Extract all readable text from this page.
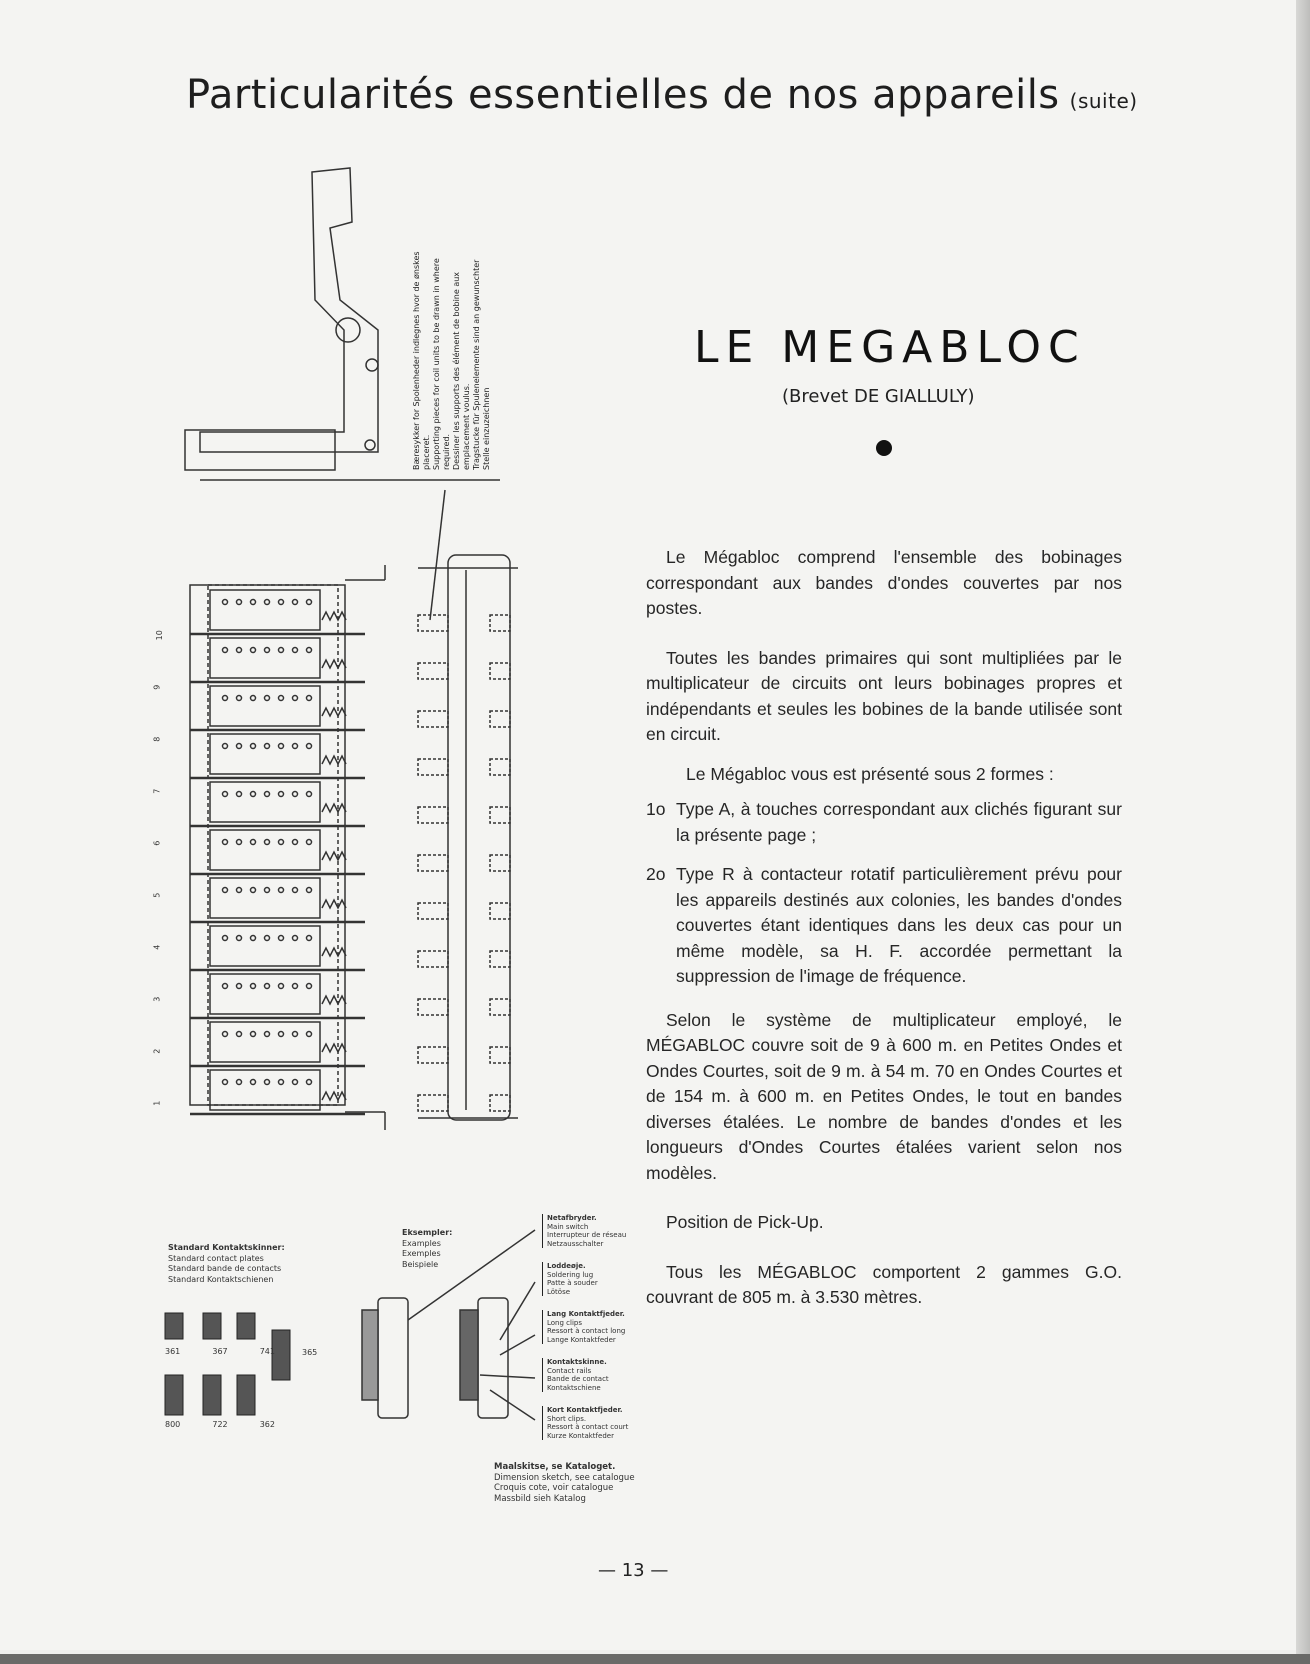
Particularités essentielles de nos appareils (suite)
Bæresykker for Spolenheder indlegnes hvor de ønskes placeret. Supporting pieces for coil units to be drawn in where required. Dessiner les supports des élément de bobine aux emplacement voulus. Tragstucke für Spulenelemente sind an gewunschter Stelle einzuzeichnen
10
9
8
7
6
5
4
3
2
1
Standard Kontaktskinner:
Standard contact plates
Standard bande de contacts
Standard Kontaktschienen
361	367	741	365
800	722	362
Eksempler:
Examples
Exemples
Beispiele
Netafbryder.
Main switch
Interrupteur de réseau
Netzausschalter
Loddeøje.
Soldering lug
Patte à souder
Lötöse
Lang Kontaktfjeder.
Long clips
Ressort à contact long
Lange Kontaktfeder
Kontaktskinne.
Contact rails
Bande de contact
Kontaktschiene
Kort Kontaktfjeder.
Short clips.
Ressort à contact court
Kurze Kontaktfeder
Maalskitse, se Kataloget.
Dimension sketch, see catalogue
Croquis cote, voir catalogue
Massbild sieh Katalog
LE MEGABLOC
(Brevet DE GIALLULY)

Le Mégabloc comprend l'ensemble des bobinages correspondant aux bandes d'ondes couvertes par nos postes.

Toutes les bandes primaires qui sont multipliées par le multiplicateur de circuits ont leurs bobinages propres et indépendants et seules les bobines de la bande utilisée sont en circuit.

Le Mégabloc vous est présenté sous 2 formes :

1o Type A, à touches correspondant aux clichés figurant sur la présente page ;
2o Type R à contacteur rotatif particulièrement prévu pour les appareils destinés aux colonies, les bandes d'ondes couvertes étant identiques dans les deux cas pour un même modèle, sa H. F. accordée permettant la suppression de l'image de fréquence.

Selon le système de multiplicateur employé, le MÉGABLOC couvre soit de 9 à 600 m. en Petites Ondes et Ondes Courtes, soit de 9 m. à 54 m. 70 en Ondes Courtes et de 154 m. à 600 m. en Petites Ondes, le tout en bandes diverses étalées. Le nombre de bandes d'ondes et les longueurs d'Ondes Courtes étalées varient selon nos modèles.

Position de Pick-Up.

Tous les MÉGABLOC comportent 2 gammes G.O. couvrant de 805 m. à 3.530 mètres.

— 13 —
